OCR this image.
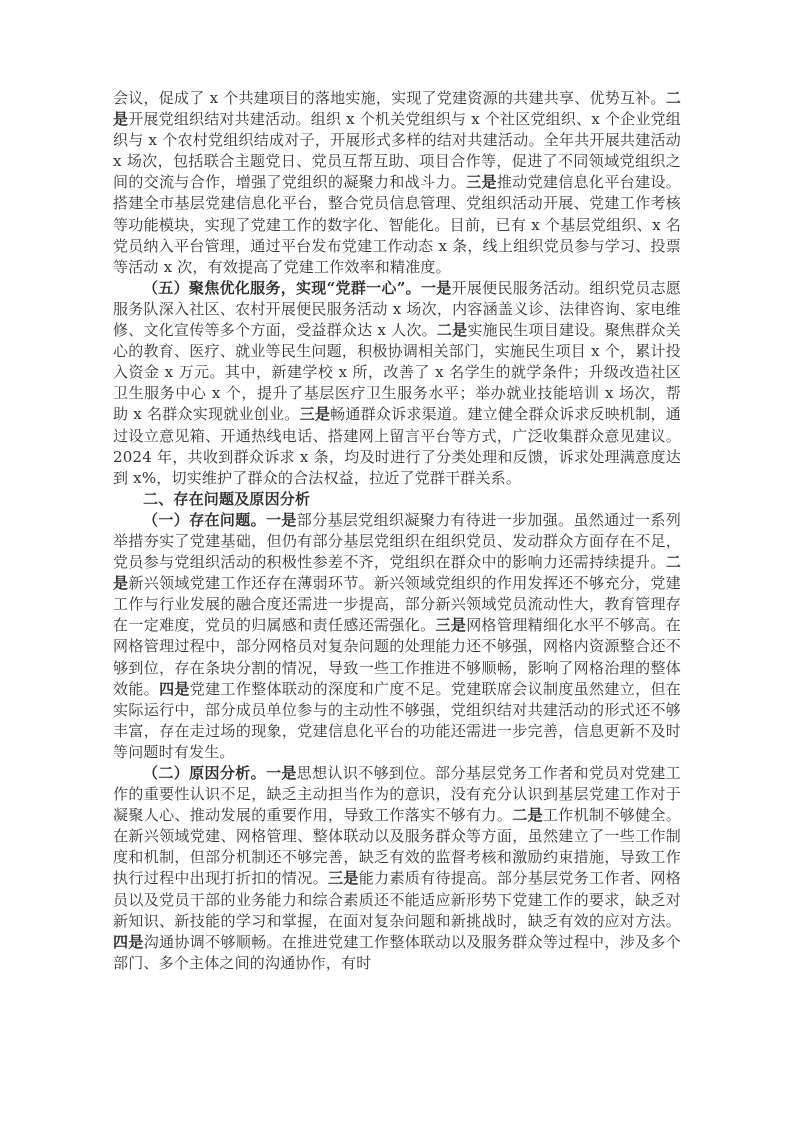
会议，促成了 x 个共建项目的落地实施，实现了党建资源的共建共享、优势互补。二是开展党组织结对共建活动。组织 x 个机关党组织与 x 个社区党组织、x 个企业党组织与 x 个农村党组织结成对子，开展形式多样的结对共建活动。全年共开展共建活动 x 场次，包括联合主题党日、党员互帮互助、项目合作等，促进了不同领域党组织之间的交流与合作，增强了党组织的凝聚力和战斗力。三是推动党建信息化平台建设。搭建全市基层党建信息化平台，整合党员信息管理、党组织活动开展、党建工作考核等功能模块，实现了党建工作的数字化、智能化。目前，已有 x 个基层党组织、x 名党员纳入平台管理，通过平台发布党建工作动态 x 条，线上组织党员参与学习、投票等活动 x 次，有效提高了党建工作效率和精准度。

（五）聚焦优化服务，实现“党群一心”。一是开展便民服务活动。组织党员志愿服务队深入社区、农村开展便民服务活动 x 场次，内容涵盖义诊、法律咨询、家电维修、文化宣传等多个方面，受益群众达 x 人次。二是实施民生项目建设。聚焦群众关心的教育、医疗、就业等民生问题，积极协调相关部门，实施民生项目 x 个，累计投入资金 x 万元。其中，新建学校 x 所，改善了 x 名学生的就学条件；升级改造社区卫生服务中心 x 个，提升了基层医疗卫生服务水平；举办就业技能培训 x 场次，帮助 x 名群众实现就业创业。三是畅通群众诉求渠道。建立健全群众诉求反映机制，通过设立意见箱、开通热线电话、搭建网上留言平台等方式，广泛收集群众意见建议。2024 年，共收到群众诉求 x 条，均及时进行了分类处理和反馈，诉求处理满意度达到 x%，切实维护了群众的合法权益，拉近了党群干群关系。

二、存在问题及原因分析

（一）存在问题。一是部分基层党组织凝聚力有待进一步加强。虽然通过一系列举措夯实了党建基础，但仍有部分基层党组织在组织党员、发动群众方面存在不足，党员参与党组织活动的积极性参差不齐，党组织在群众中的影响力还需持续提升。二是新兴领域党建工作还存在薄弱环节。新兴领域党组织的作用发挥还不够充分，党建工作与行业发展的融合度还需进一步提高，部分新兴领域党员流动性大，教育管理存在一定难度，党员的归属感和责任感还需强化。三是网格管理精细化水平不够高。在网格管理过程中，部分网格员对复杂问题的处理能力还不够强，网格内资源整合还不够到位，存在条块分割的情况，导致一些工作推进不够顺畅，影响了网格治理的整体效能。四是党建工作整体联动的深度和广度不足。党建联席会议制度虽然建立，但在实际运行中，部分成员单位参与的主动性不够强，党组织结对共建活动的形式还不够丰富，存在走过场的现象，党建信息化平台的功能还需进一步完善，信息更新不及时等问题时有发生。

（二）原因分析。一是思想认识不够到位。部分基层党务工作者和党员对党建工作的重要性认识不足，缺乏主动担当作为的意识，没有充分认识到基层党建工作对于凝聚人心、推动发展的重要作用，导致工作落实不够有力。二是工作机制不够健全。在新兴领域党建、网格管理、整体联动以及服务群众等方面，虽然建立了一些工作制度和机制，但部分机制还不够完善，缺乏有效的监督考核和激励约束措施，导致工作执行过程中出现打折扣的情况。三是能力素质有待提高。部分基层党务工作者、网格员以及党员干部的业务能力和综合素质还不能适应新形势下党建工作的要求，缺乏对新知识、新技能的学习和掌握，在面对复杂问题和新挑战时，缺乏有效的应对方法。四是沟通协调不够顺畅。在推进党建工作整体联动以及服务群众等过程中，涉及多个部门、多个主体之间的沟通协作，有时
